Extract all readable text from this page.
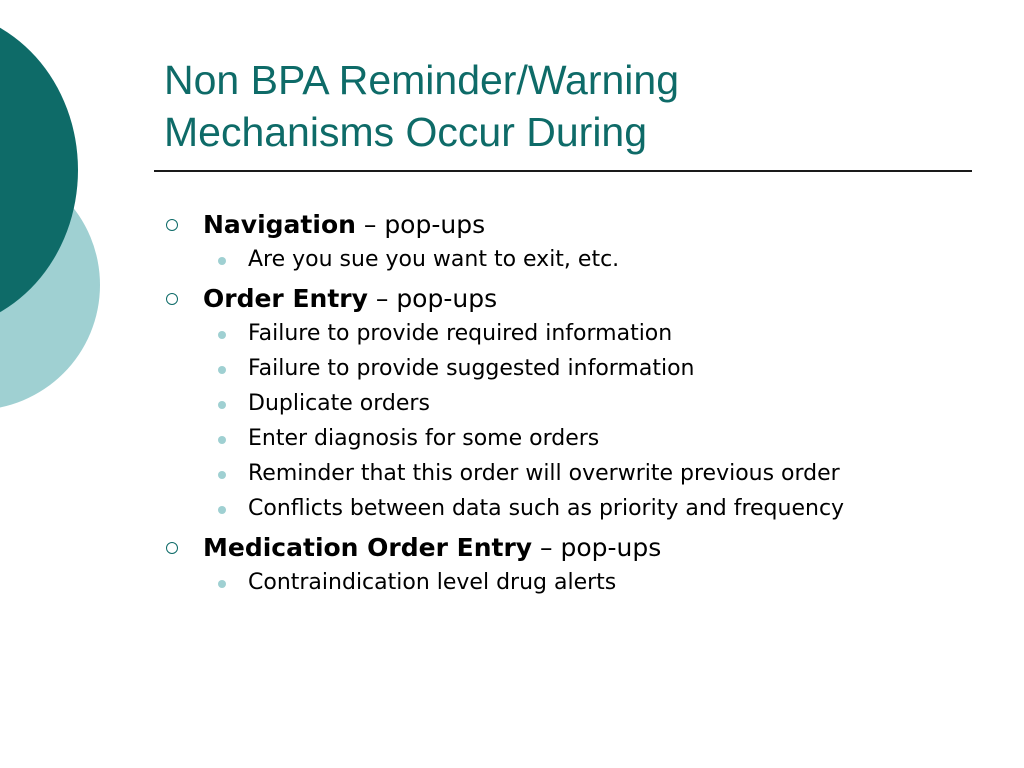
Non BPA Reminder/Warning
Mechanisms Occur During
Navigation – pop-ups
Are you sue you want to exit, etc.
Order Entry – pop-ups
Failure to provide required information
Failure to provide suggested information
Duplicate orders
Enter diagnosis for some orders
Reminder that this order will overwrite previous order
Conflicts between data such as priority and frequency
Medication Order Entry – pop-ups
Contraindication level drug alerts
